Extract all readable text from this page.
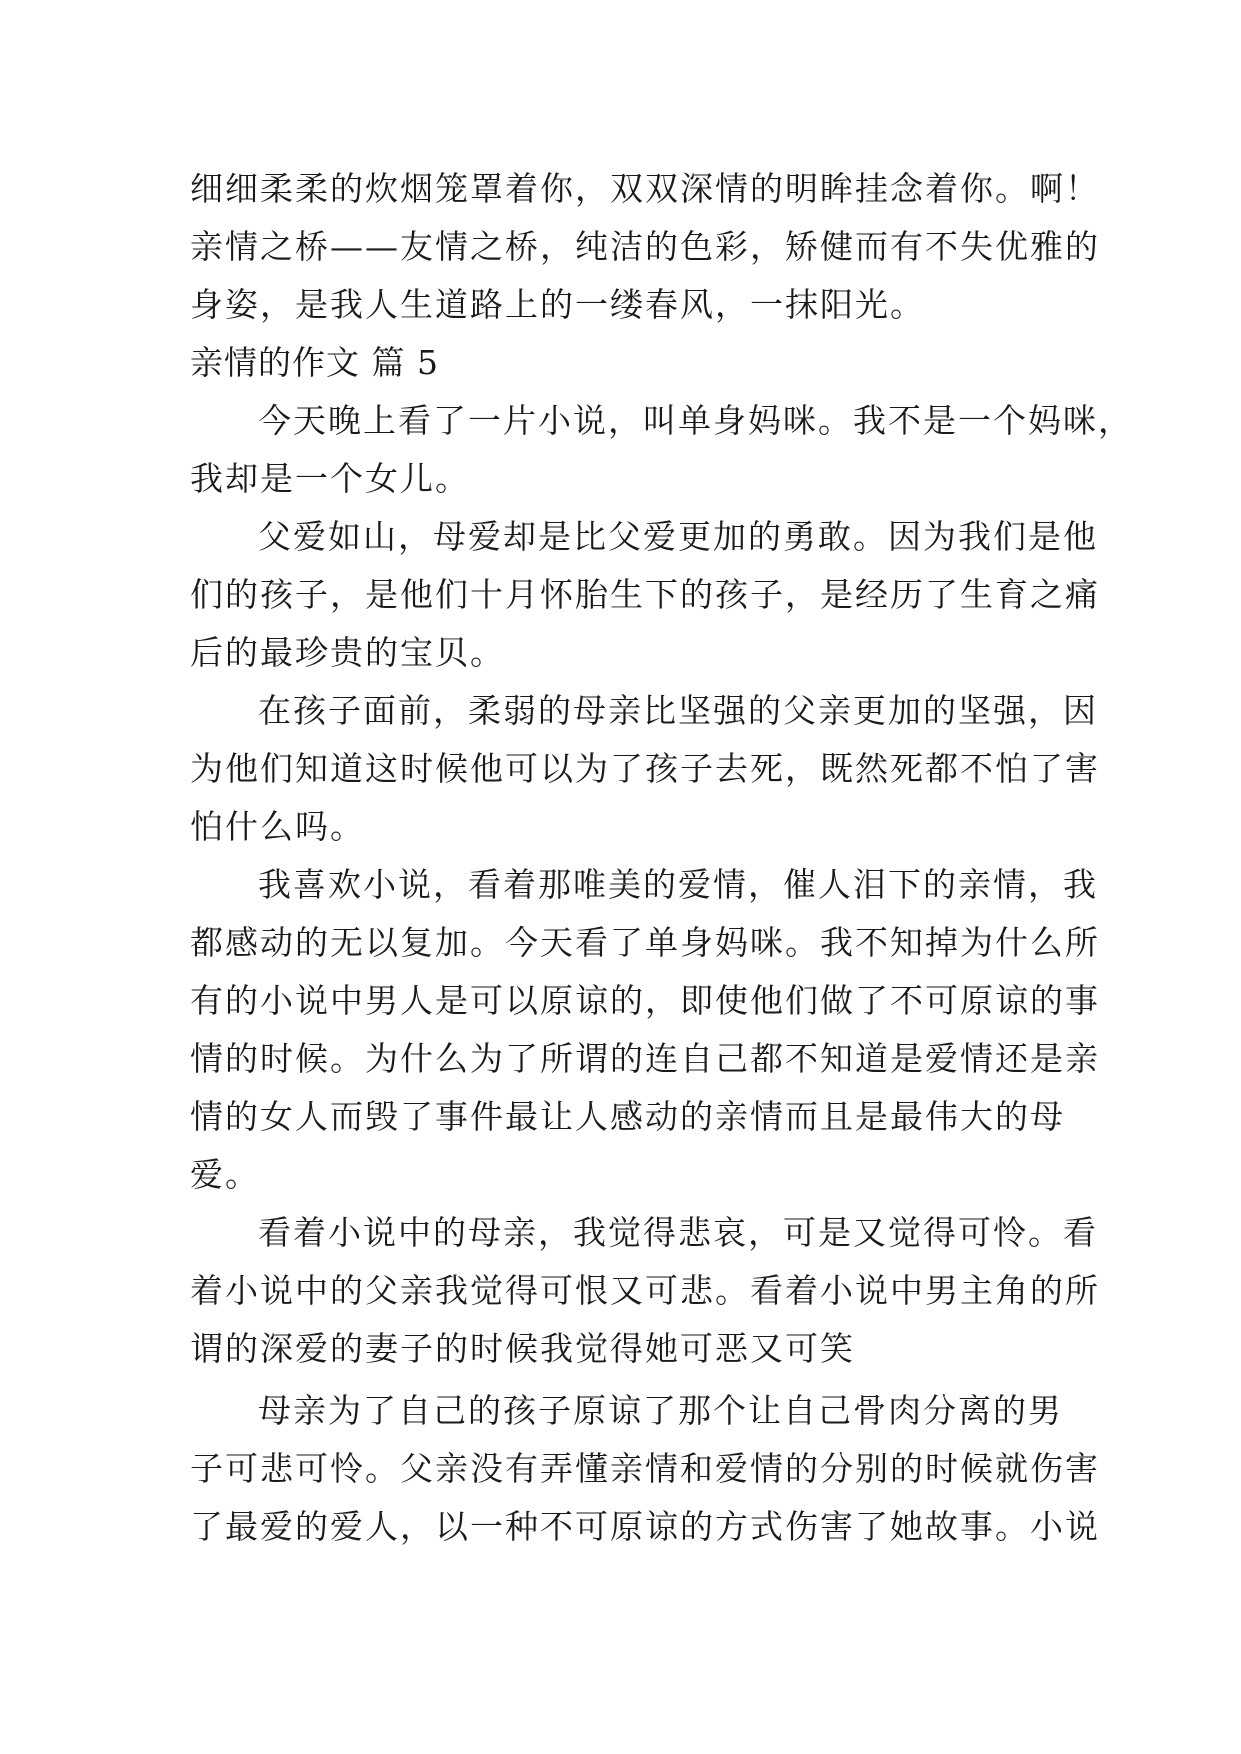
细细柔柔的炊烟笼罩着你，双双深情的明眸挂念着你。啊！
亲情之桥——友情之桥，纯洁的色彩，矫健而有不失优雅的
身姿，是我人生道路上的一缕春风，一抹阳光。
亲情的作文 篇 5
今天晚上看了一片小说，叫单身妈咪。我不是一个妈咪，
我却是一个女儿。
父爱如山，母爱却是比父爱更加的勇敢。因为我们是他
们的孩子，是他们十月怀胎生下的孩子，是经历了生育之痛
后的最珍贵的宝贝。
在孩子面前，柔弱的母亲比坚强的父亲更加的坚强，因
为他们知道这时候他可以为了孩子去死，既然死都不怕了害
怕什么吗。
我喜欢小说，看着那唯美的爱情，催人泪下的亲情，我
都感动的无以复加。今天看了单身妈咪。我不知掉为什么所
有的小说中男人是可以原谅的，即使他们做了不可原谅的事
情的时候。为什么为了所谓的连自己都不知道是爱情还是亲
情的女人而毁了事件最让人感动的亲情而且是最伟大的母
爱。
看着小说中的母亲，我觉得悲哀，可是又觉得可怜。看
着小说中的父亲我觉得可恨又可悲。看着小说中男主角的所
谓的深爱的妻子的时候我觉得她可恶又可笑
母亲为了自己的孩子原谅了那个让自己骨肉分离的男
子可悲可怜。父亲没有弄懂亲情和爱情的分别的时候就伤害
了最爱的爱人，以一种不可原谅的方式伤害了她故事。小说
